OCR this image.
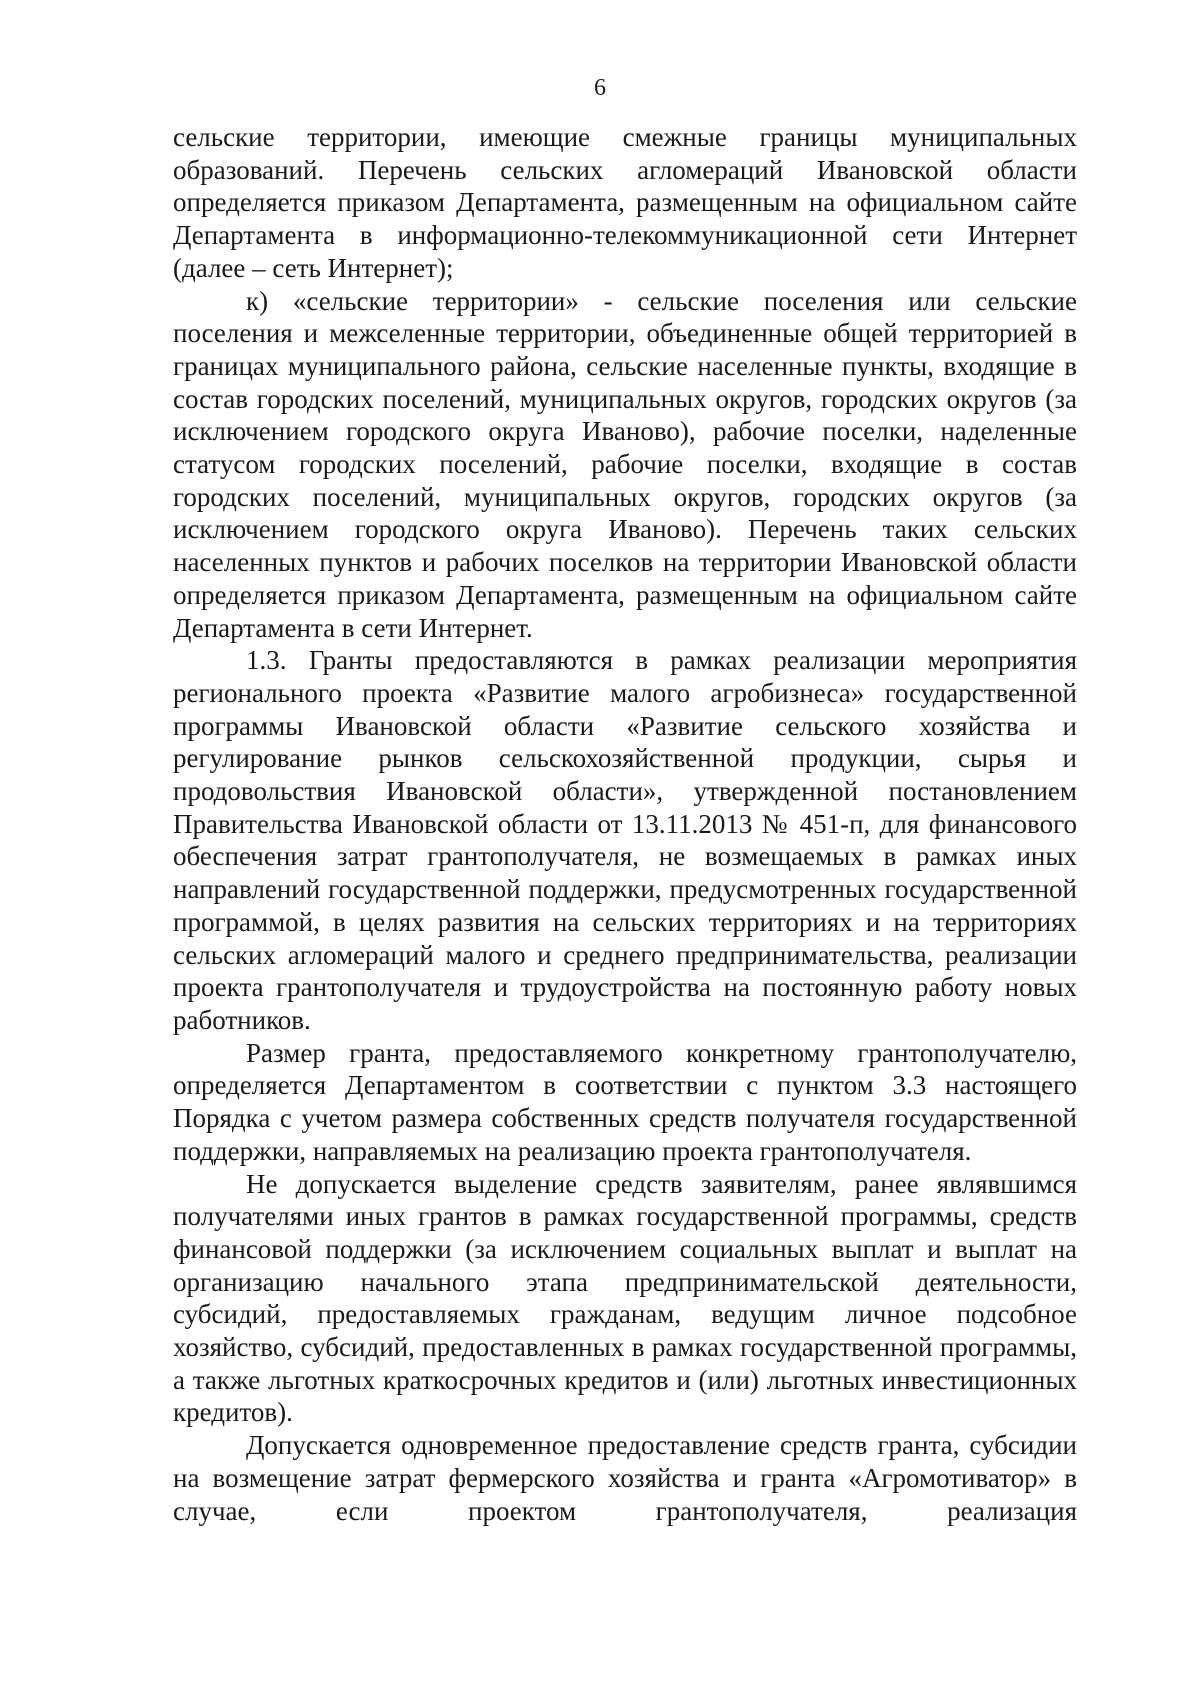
6

сельские территории, имеющие смежные границы муниципальных образований. Перечень сельских агломераций Ивановской области определяется приказом Департамента, размещенным на официальном сайте Департамента в информационно-телекоммуникационной сети Интернет (далее – сеть Интернет);

к) «сельские территории» - сельские поселения или сельские поселения и межселенные территории, объединенные общей территорией в границах муниципального района, сельские населенные пункты, входящие в состав городских поселений, муниципальных округов, городских округов (за исключением городского округа Иваново), рабочие поселки, наделенные статусом городских поселений, рабочие поселки, входящие в состав городских поселений, муниципальных округов, городских округов (за исключением городского округа Иваново). Перечень таких сельских населенных пунктов и рабочих поселков на территории Ивановской области определяется приказом Департамента, размещенным на официальном сайте Департамента в сети Интернет.

1.3. Гранты предоставляются в рамках реализации мероприятия регионального проекта «Развитие малого агробизнеса» государственной программы Ивановской области «Развитие сельского хозяйства и регулирование рынков сельскохозяйственной продукции, сырья и продовольствия Ивановской области», утвержденной постановлением Правительства Ивановской области от 13.11.2013 № 451-п, для финансового обеспечения затрат грантополучателя, не возмещаемых в рамках иных направлений государственной поддержки, предусмотренных государственной программой, в целях развития на сельских территориях и на территориях сельских агломераций малого и среднего предпринимательства, реализации проекта грантополучателя и трудоустройства на постоянную работу новых работников.

Размер гранта, предоставляемого конкретному грантополучателю, определяется Департаментом в соответствии с пунктом 3.3 настоящего Порядка с учетом размера собственных средств получателя государственной поддержки, направляемых на реализацию проекта грантополучателя.

Не допускается выделение средств заявителям, ранее являвшимся получателями иных грантов в рамках государственной программы, средств финансовой поддержки (за исключением социальных выплат и выплат на организацию начального этапа предпринимательской деятельности, субсидий, предоставляемых гражданам, ведущим личное подсобное хозяйство, субсидий, предоставленных в рамках государственной программы, а также льготных краткосрочных кредитов и (или) льготных инвестиционных кредитов).

Допускается одновременное предоставление средств гранта, субсидии на возмещение затрат фермерского хозяйства и гранта «Агромотиватор» в случае, если проектом грантополучателя, реализация
